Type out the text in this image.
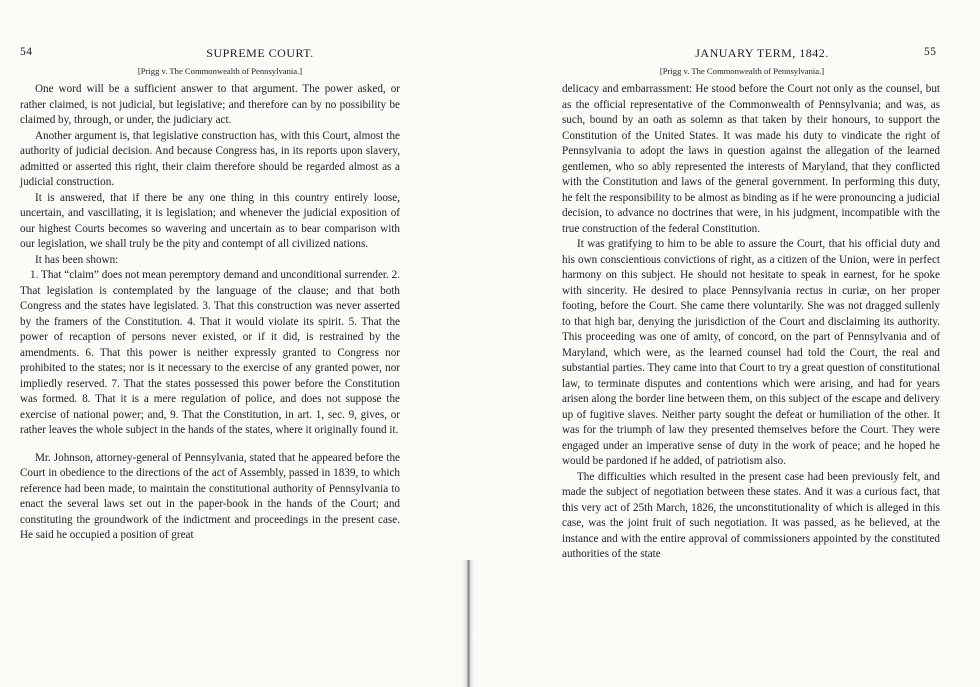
54	SUPREME COURT.
[Prigg v. The Commonwealth of Pennsylvania.]

One word will be a sufficient answer to that argument. The power asked, or rather claimed, is not judicial, but legislative; and therefore can by no possibility be claimed by, through, or under, the judiciary act.

Another argument is, that legislative construction has, with this Court, almost the authority of judicial decision. And because Congress has, in its reports upon slavery, admitted or asserted this right, their claim therefore should be regarded almost as a judicial construction.

It is answered, that if there be any one thing in this country entirely loose, uncertain, and vascillating, it is legislation; and whenever the judicial exposition of our highest Courts becomes so wavering and uncertain as to bear comparison with our legislation, we shall truly be the pity and contempt of all civilized nations.

It has been shown:

1. That “claim” does not mean peremptory demand and unconditional surrender. 2. That legislation is contemplated by the language of the clause; and that both Congress and the states have legislated. 3. That this construction was never asserted by the framers of the Constitution. 4. That it would violate its spirit. 5. That the power of recaption of persons never existed, or if it did, is restrained by the amendments. 6. That this power is neither expressly granted to Congress nor prohibited to the states; nor is it necessary to the exercise of any granted power, nor impliedly reserved. 7. That the states possessed this power before the Constitution was formed. 8. That it is a mere regulation of police, and does not suppose the exercise of national power; and, 9. That the Constitution, in art. 1, sec. 9, gives, or rather leaves the whole subject in the hands of the states, where it originally found it.

Mr. Johnson, attorney-general of Pennsylvania, stated that he appeared before the Court in obedience to the directions of the act of Assembly, passed in 1839, to which reference had been made, to maintain the constitutional authority of Pennsylvania to enact the several laws set out in the paper-book in the hands of the Court; and constituting the groundwork of the indictment and proceedings in the present case. He said he occupied a position of great

JANUARY TERM, 1842.	55
[Prigg v. The Commonwealth of Pennsylvania.]

delicacy and embarrassment: He stood before the Court not only as the counsel, but as the official representative of the Commonwealth of Pennsylvania; and was, as such, bound by an oath as solemn as that taken by their honours, to support the Constitution of the United States. It was made his duty to vindicate the right of Pennsylvania to adopt the laws in question against the allegation of the learned gentlemen, who so ably represented the interests of Maryland, that they conflicted with the Constitution and laws of the general government. In performing this duty, he felt the responsibility to be almost as binding as if he were pronouncing a judicial decision, to advance no doctrines that were, in his judgment, incompatible with the true construction of the federal Constitution.

It was gratifying to him to be able to assure the Court, that his official duty and his own conscientious convictions of right, as a citizen of the Union, were in perfect harmony on this subject. He should not hesitate to speak in earnest, for he spoke with sincerity. He desired to place Pennsylvania rectus in curiæ, on her proper footing, before the Court. She came there voluntarily. She was not dragged sullenly to that high bar, denying the jurisdiction of the Court and disclaiming its authority. This proceeding was one of amity, of concord, on the part of Pennsylvania and of Maryland, which were, as the learned counsel had told the Court, the real and substantial parties. They came into that Court to try a great question of constitutional law, to terminate disputes and contentions which were arising, and had for years arisen along the border line between them, on this subject of the escape and delivery up of fugitive slaves. Neither party sought the defeat or humiliation of the other. It was for the triumph of law they presented themselves before the Court. They were engaged under an imperative sense of duty in the work of peace; and he hoped he would be pardoned if he added, of patriotism also.

The difficulties which resulted in the present case had been previously felt, and made the subject of negotiation between these states. And it was a curious fact, that this very act of 25th March, 1826, the unconstitutionality of which is alleged in this case, was the joint fruit of such negotiation. It was passed, as he believed, at the instance and with the entire approval of commissioners appointed by the constituted authorities of the state
